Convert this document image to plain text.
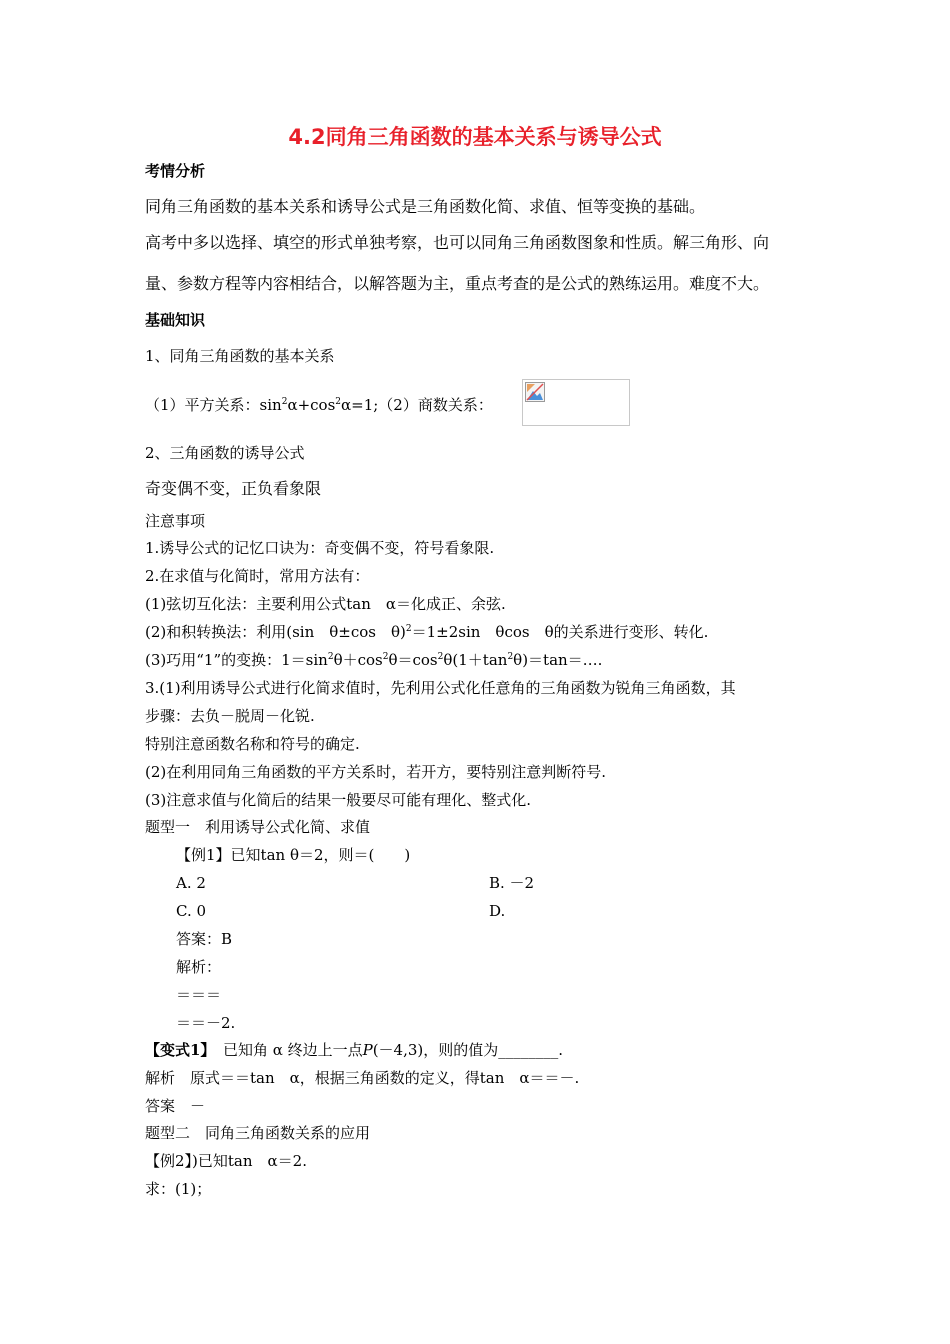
4.2同角三角函数的基本关系与诱导公式
考情分析
同角三角函数的基本关系和诱导公式是三角函数化简、求值、恒等变换的基础。
高考中多以选择、填空的形式单独考察，也可以同角三角函数图象和性质。解三角形、向
量、参数方程等内容相结合，以解答题为主，重点考查的是公式的熟练运用。难度不大。
基础知识
1、同角三角函数的基本关系
（1）平方关系：$\sin^2\alpha+\cos^2\alpha=1;(2)$商数关系：
2、三角函数的诱导公式
奇变偶不变，正负看象限
注意事项
1.诱导公式的记忆口诀为：奇变偶不变，符号看象限.
2.在求值与化简时，常用方法有：
(1)弦切互化法：主要利用公式tan　α＝化成正、余弦.
(2)和积转换法：利用(sin　θ±cos　θ)$^2$＝1±2sin　θcos　θ的关系进行变形、转化.
(3)巧用“1”的变换：$1=\sin^2\theta+\cos^2\theta=\cos^2\theta(1+\tan^2\theta)=\tan=\dots$.
3.(1)利用诱导公式进行化简求值时，先利用公式化任意角的三角函数为锐角三角函数，其
步骤：去负－脱周－化锐.
特别注意函数名称和符号的确定.
(2)在利用同角三角函数的平方关系时，若开方，要特别注意判断符号.
(3)注意求值与化简后的结果一般要尽可能有理化、整式化.
题型一　利用诱导公式化简、求值
【例1】已知tan θ＝2，则＝(　　)
A. 2	B. －2
C. 0	D.
答案：B
解析：
＝＝＝
＝＝－2.
【变式1】　已知角 α 终边上一点P(－4,3)，则的值为________.
解析　原式＝＝tan　α，根据三角函数的定义，得tan　α＝＝－.
答案　－
题型二　同角三角函数关系的应用
【例2】)已知tan　α＝2.
求：(1)；
